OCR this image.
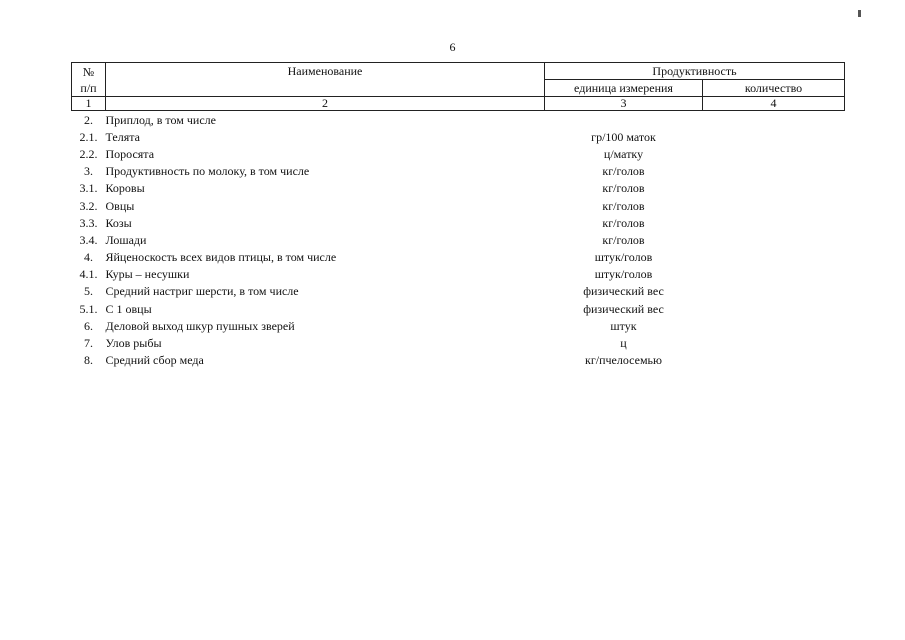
6
№
п/п	Наименование	Продуктивность	
		единица измерения	количество
1	2	3	4
2.	Приплод, в том числе		
2.1.	Телята	гр/100 маток	
2.2.	Поросята	ц/матку	
3.	Продуктивность по молоку, в том числе	кг/голов	
3.1.	Коровы	кг/голов	
3.2.	Овцы	кг/голов	
3.3.	Козы	кг/голов	
3.4.	Лошади	кг/голов	
4.	Яйценоскость всех видов птицы, в том числе	штук/голов	
4.1.	Куры – несушки	штук/голов	
5.	Средний настриг шерсти, в том числе	физический вес	
5.1.	С 1 овцы	физический вес	
6.	Деловой выход шкур пушных зверей	штук	
7.	Улов рыбы	ц	
8.	Средний сбор меда	кг/пчелосемью	
